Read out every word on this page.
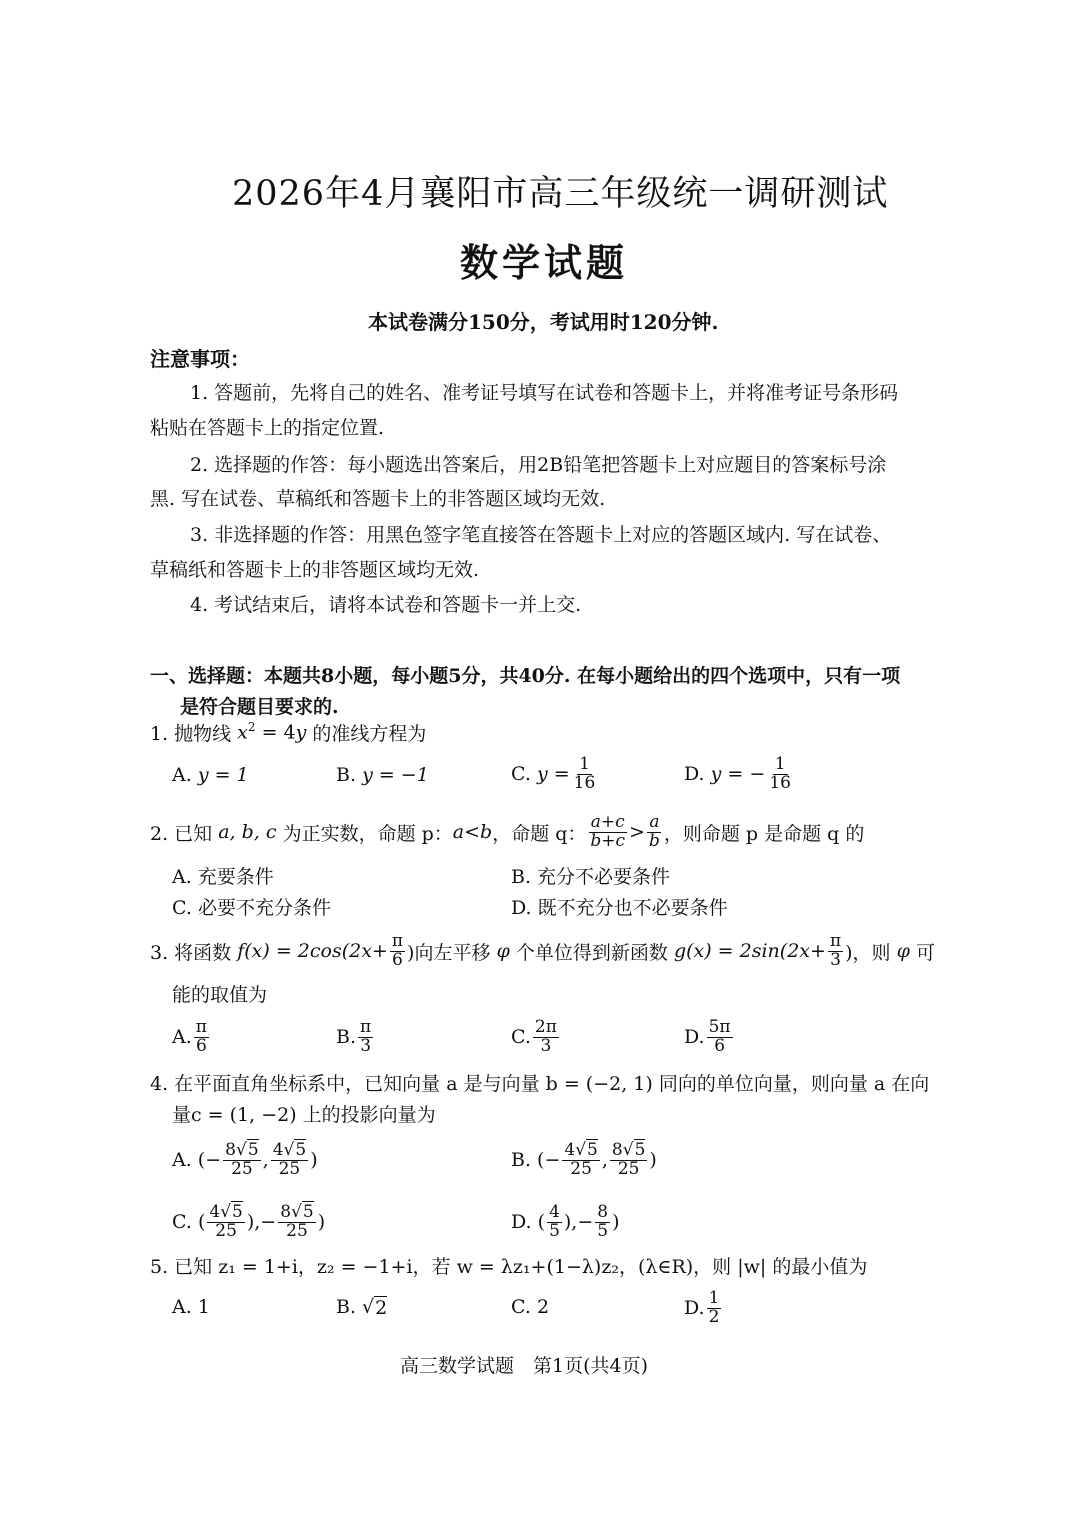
2026年4月襄阳市高三年级统一调研测试
数学试题
本试卷满分150分，考试用时120分钟.
注意事项：
1. 答题前，先将自己的姓名、准考证号填写在试卷和答题卡上，并将准考证号条形码
粘贴在答题卡上的指定位置.
2. 选择题的作答：每小题选出答案后，用2B铅笔把答题卡上对应题目的答案标号涂
黑. 写在试卷、草稿纸和答题卡上的非答题区域均无效.
3. 非选择题的作答：用黑色签字笔直接答在答题卡上对应的答题区域内. 写在试卷、
草稿纸和答题卡上的非答题区域均无效.
4. 考试结束后，请将本试卷和答题卡一并上交.
一、选择题：本题共8小题，每小题5分，共40分. 在每小题给出的四个选项中，只有一项
是符合题目要求的.
1. 抛物线 $x^2 = 4y$ 的准线方程为
A.
y = 1	B.
y = −1	C.
$y = \frac{1}{16}$	D.
y = − $\frac{1}{16}$
2. 已知
a, b, c
为正实数，命题 p： a<b ，命题 q： $\frac{a+c}{b+c} > \frac{a}{b}$ ，则命题 p 是命题 q 的
A. 充要条件	B. 充分不必要条件
C. 必要不充分条件	D. 既不充分也不必要条件
3. 将函数
$f(x) = 2\cos(2x+ \frac{\pi}{6}$ )向左平移
φ
个单位得到新函数
$g(x) = 2\sin(2x+ \frac{\pi}{3}$ )，则
φ
可
能的取值为
A. $\frac{\pi}{6}$	B. $\frac{\pi}{3}$	C. $\frac{2\pi}{3}$	D. $\frac{5\pi}{6}$
4. 在平面直角坐标系中，已知向量 a 是与向量 b = (−2, 1) 同向的单位向量，则向量 a 在向
量c = (1, −2) 上的投影向量为
A. (− $\frac{8√5}{25}$ , $\frac{4√5}{25}$ )	B. (− $\frac{4√5}{25}$ , $\frac{8√5}{25}$ )
C. ( $\frac{4√5}{25}$ ),− $\frac{8√5}{25}$ )	D. ( $\frac{4}{5}$ ),− $\frac{8}{5}$ )
5. 已知 z₁ = 1+i，z₂ = −1+i，若 w = λz₁+(1−λ)z₂，(λ∈R)，则 |w| 的最小值为
A. 1	B. √ 2	C. 2	D. $\frac{1}{2}$
高三数学试题　第1页(共4页)
